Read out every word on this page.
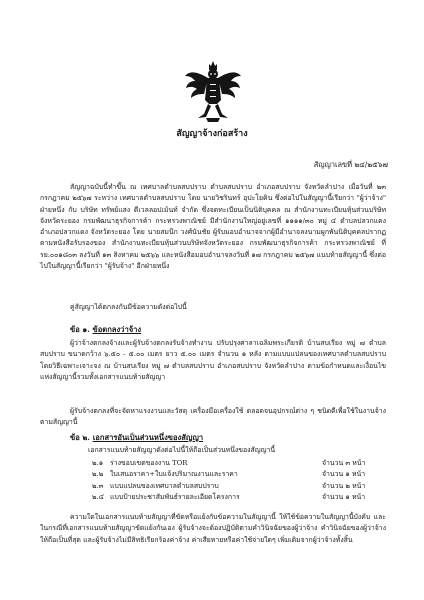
สัญญาจ้างก่อสร้าง
สัญญาเลขที่ ๒๔/๒๕๖๗
สัญญาฉบับนี้ทำขึ้น ณ เทศบาลตำบลสบปราบ ตำบลสบปราบ อำเภอสบปราบ จังหวัดลำปาง เมื่อวันที่ ๒๓ กรกฎาคม ๒๕๖๗ ระหว่าง เทศบาลตำบลสบปราบ โดย นายวิชรินทร์ อุปะโยคิน ซึ่งต่อไปในสัญญานี้เรียกว่า "ผู้ว่าจ้าง" ฝ่ายหนึ่ง กับ บริษัท ทรัพย์แสง ดีเวลลอปเม้นท์ จำกัด ซึ่งจดทะเบียนเป็นนิติบุคคล ณ สำนักงานทะเบียนหุ้นส่วนบริษัท จังหวัดระยอง กรมพัฒนาธุรกิจการค้า กระทรวงพาณิชย์ มีสำนักงานใหญ่อยู่เลขที่ ๑๑๑๑/๓๐ หมู่ ๔ ตำบลปลวกแดง อำเภอปลวกแดง จังหวัดระยอง โดย นายสมนึก วงศ์นันชัย ผู้รับมอบอำนาจจากผู้มีอำนาจลงนามผูกพันนิติบุคคลปรากฏตามหนังสือรับรองของ สำนักงานทะเบียนหุ้นส่วนบริษัทจังหวัดระยอง กรมพัฒนาธุรกิจการค้า กระทรวงพาณิชย์ ที่ รย.๐๐๑๘๐๓ ลงวันที่ ๑๓ สิงหาคม ๒๕๖๖ และหนังสือมอบอำนาจลงวันที่ ๑๗ กรกฎาคม ๒๕๖๗ แนบท้ายสัญญานี้ ซึ่งต่อไปในสัญญานี้เรียกว่า "ผู้รับจ้าง" อีกฝ่ายหนึ่ง
คู่สัญญาได้ตกลงกันมีข้อความดังต่อไปนี้
ข้อ ๑. ข้อตกลงว่าจ้าง
ผู้ว่าจ้างตกลงจ้างและผู้รับจ้างตกลงรับจ้างทำงาน ปรับปรุงศาลาเฉลิมพระเกียรติ บ้านสบเรียง หมู่ ๗ ตำบลสบปราบ ขนาดกว้าง ๖.๕๐ - ๕.๐๐ เมตร ยาว ๕.๐๐ เมตร จำนวน ๑ หลัง ตามแบบแปลนของเทศบาลตำบลสบปราบ โดยวิธีเฉพาะเจาะจง ณ บ้านสบเรียง หมู่ ๗ ตำบลสบปราบ อำเภอสบปราบ จังหวัดลำปาง ตามข้อกำหนดและเงื่อนไขแห่งสัญญานี้รวมทั้งเอกสารแนบท้ายสัญญา
ผู้รับจ้างตกลงที่จะจัดหาแรงงานและวัสดุ เครื่องมือเครื่องใช้ ตลอดจนอุปกรณ์ต่าง ๆ ชนิดดีเพื่อใช้ในงานจ้างตามสัญญานี้
ข้อ ๒. เอกสารอันเป็นส่วนหนึ่งของสัญญา
เอกสารแนบท้ายสัญญาดังต่อไปนี้ให้ถือเป็นส่วนหนึ่งของสัญญานี้
๒.๑ ร่างขอบเขตของงาน TOR	จำนวน ๓ หน้า
๒.๒ ใบเสนอราคา+ใบแจ้งปริมาณงานและราคา	จำนวน ๑ หน้า
๒.๓ แบบแปลนของเทศบาลตำบลสบปราบ	จำนวน ๒ หน้า
๒.๔ แบบป้ายประชาสัมพันธ์รายละเอียดโครงการ	จำนวน ๑ หน้า
ความใดในเอกสารแนบท้ายสัญญาที่ขัดหรือแย้งกับข้อความในสัญญานี้ ให้ใช้ข้อความในสัญญานี้บังคับ และในกรณีที่เอกสารแนบท้ายสัญญาขัดแย้งกันเอง ผู้รับจ้างจะต้องปฏิบัติตามคำวินิจฉัยของผู้ว่าจ้าง คำวินิจฉัยของผู้ว่าจ้างให้ถือเป็นที่สุด และผู้รับจ้างไม่มีสิทธิเรียกร้องค่าจ้าง ค่าเสียหายหรือค่าใช้จ่ายใดๆ เพิ่มเติมจากผู้ว่าจ้างทั้งสิ้น
